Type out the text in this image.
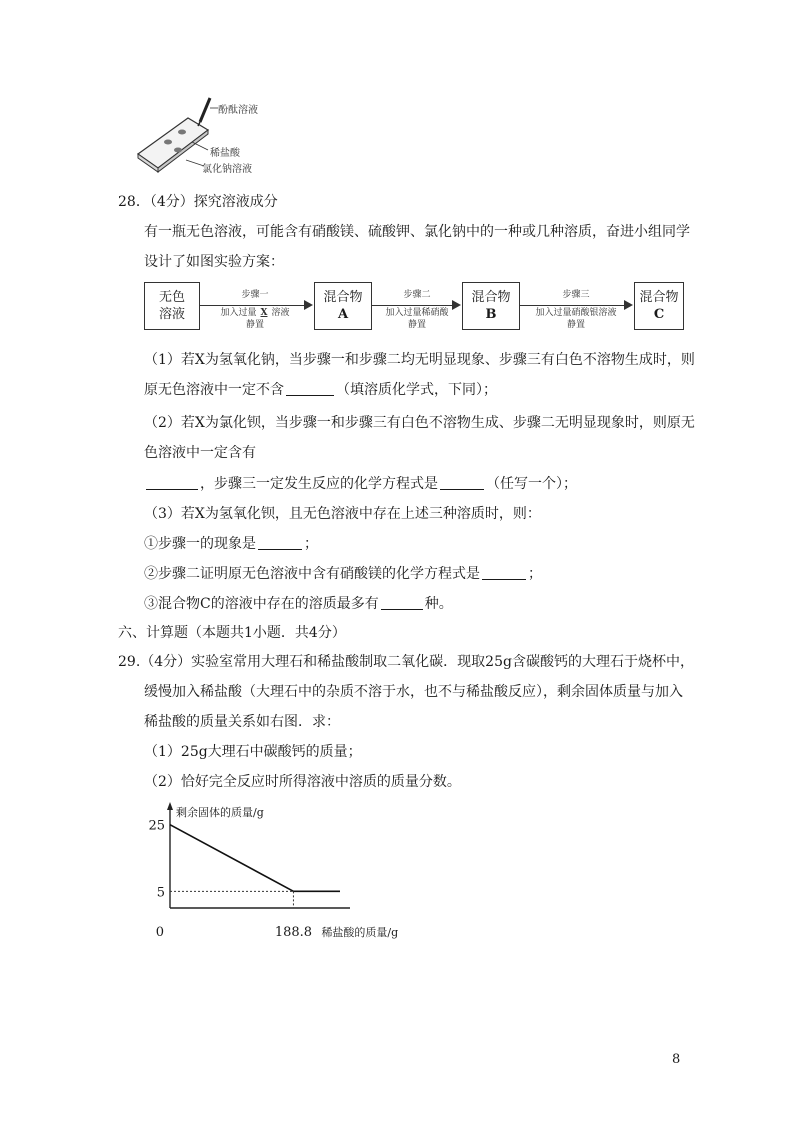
酚酞溶液
稀盐酸
氯化钠溶液
28．（4分）探究溶液成分
有一瓶无色溶液，可能含有硝酸镁、硫酸钾、氯化钠中的一种或几种溶质，奋进小组同学
设计了如图实验方案：
无色
溶液
步骤一
加入过量 X 溶液
静置
混合物
A
步骤二
加入过量稀硝酸
静置
混合物
B
步骤三
加入过量硝酸银溶液
静置
混合物
C
（1）若X为氢氧化钠，当步骤一和步骤二均无明显现象、步骤三有白色不溶物生成时，则
原无色溶液中一定不含	（填溶质化学式，下同）；
（2）若X为氯化钡，当步骤一和步骤三有白色不溶物生成、步骤二无明显现象时，则原无
色溶液中一定含有
，步骤三一定发生反应的化学方程式是	（任写一个）；
（3）若X为氢氧化钡，且无色溶液中存在上述三种溶质时，则：
①步骤一的现象是	；
②步骤二证明原无色溶液中含有硝酸镁的化学方程式是	；
③混合物C的溶液中存在的溶质最多有	种。
六、计算题（本题共1小题．共4分）
29.（4分）实验室常用大理石和稀盐酸制取二氧化碳．现取25g含碳酸钙的大理石于烧杯中，
缓慢加入稀盐酸（大理石中的杂质不溶于水，也不与稀盐酸反应），剩余固体质量与加入
稀盐酸的质量关系如右图．求：
（1）25g大理石中碳酸钙的质量；
（2）恰好完全反应时所得溶液中溶质的质量分数。
25
5
0	188.8 稀盐酸的质量/g
剩余固体的质量/g
8
